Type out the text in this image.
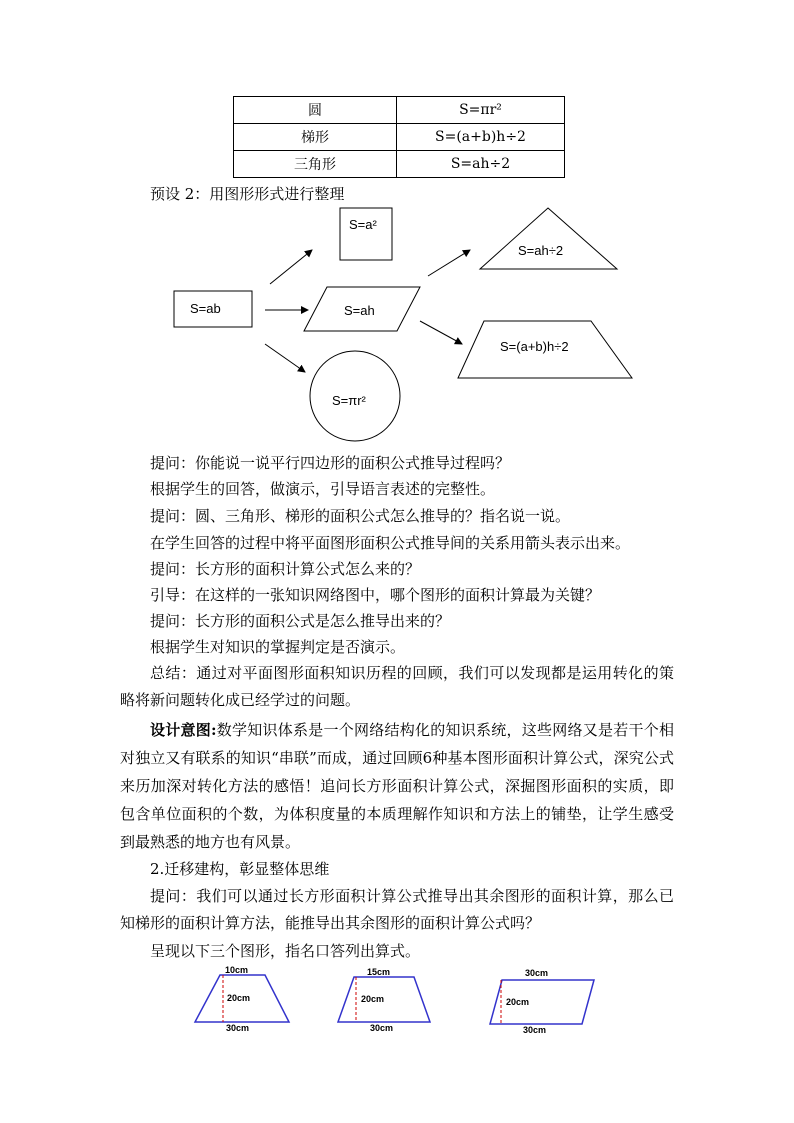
圆	S=πr²
梯形	S=(a+b)h÷2
三角形	S=ah÷2
预设 2：用图形形式进行整理
S=ab
S=a²
S=ah
S=πr²
S=ah÷2
S=(a+b)h÷2
提问：你能说一说平行四边形的面积公式推导过程吗？
根据学生的回答，做演示，引导语言表述的完整性。
提问：圆、三角形、梯形的面积公式怎么推导的？指名说一说。
在学生回答的过程中将平面图形面积公式推导间的关系用箭头表示出来。
提问：长方形的面积计算公式怎么来的？
引导：在这样的一张知识网络图中，哪个图形的面积计算最为关键？
提问：长方形的面积公式是怎么推导出来的？
根据学生对知识的掌握判定是否演示。
总结：通过对平面图形面积知识历程的回顾，我们可以发现都是运用转化的策略将新问题转化成已经学过的问题。
设计意图:数学知识体系是一个网络结构化的知识系统，这些网络又是若干个相对独立又有联系的知识“串联”而成，通过回顾6种基本图形面积计算公式，深究公式来历加深对转化方法的感悟！追问长方形面积计算公式，深掘图形面积的实质，即包含单位面积的个数，为体积度量的本质理解作知识和方法上的铺垫，让学生感受到最熟悉的地方也有风景。
2.迁移建构，彰显整体思维
提问：我们可以通过长方形面积计算公式推导出其余图形的面积计算，那么已知梯形的面积计算方法，能推导出其余图形的面积计算公式吗？
呈现以下三个图形，指名口答列出算式。
10cm
20cm
30cm
15cm
20cm
30cm
30cm
20cm
30cm
